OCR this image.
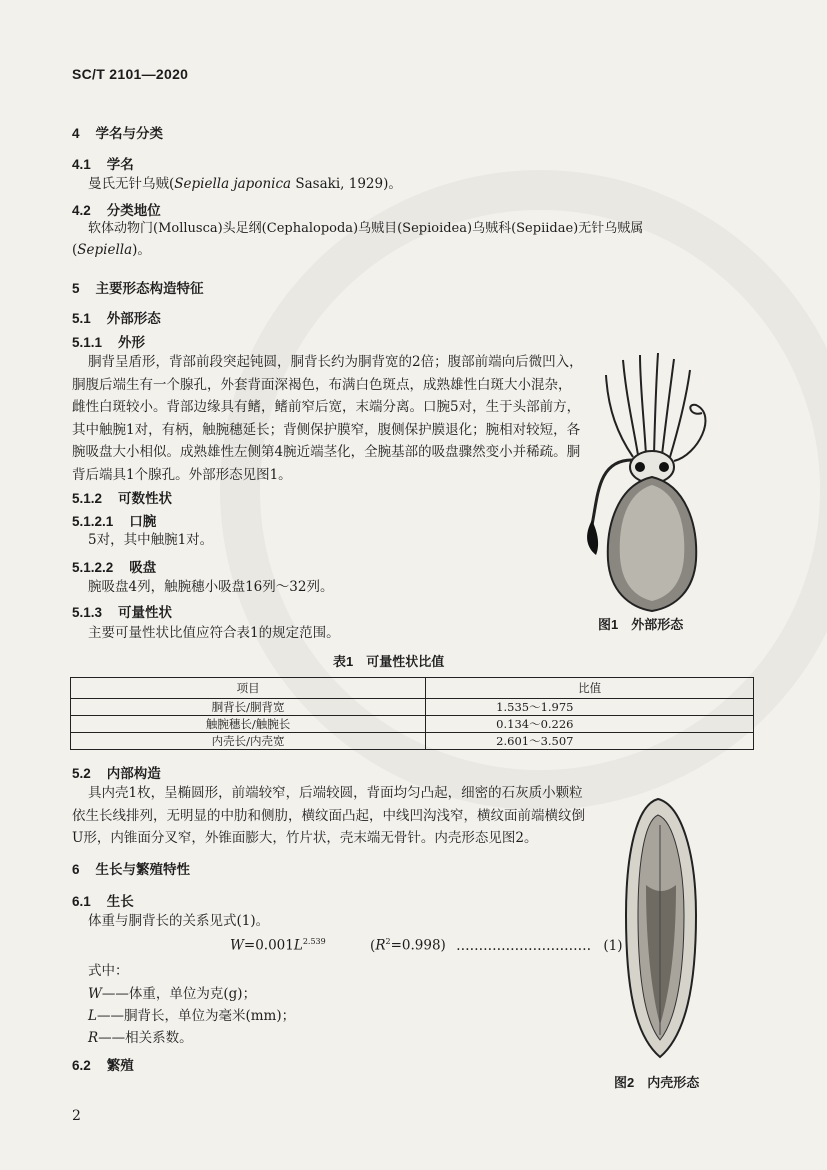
SC/T 2101—2020
4 学名与分类
4.1 学名
曼氏无针乌贼(Sepiella japonica Sasaki, 1929)。
4.2 分类地位
软体动物门(Mollusca)头足纲(Cephalopoda)乌贼目(Sepioidea)乌贼科(Sepiidae)无针乌贼属
(Sepiella)。
5 主要形态构造特征
5.1 外部形态
5.1.1 外形
胴背呈盾形，背部前段突起钝圆，胴背长约为胴背宽的2倍；腹部前端向后微凹入，胴腹后端生有一个腺孔，外套背面深褐色，布满白色斑点，成熟雄性白斑大小混杂，雌性白斑较小。背部边缘具有鳍，鳍前窄后宽，末端分离。口腕5对，生于头部前方，其中触腕1对，有柄，触腕穗延长；背侧保护膜窄，腹侧保护膜退化；腕相对较短，各腕吸盘大小相似。成熟雄性左侧第4腕近端茎化，全腕基部的吸盘骤然变小并稀疏。胴背后端具1个腺孔。外部形态见图1。
5.1.2 可数性状
5.1.2.1 口腕
5对，其中触腕1对。
5.1.2.2 吸盘
腕吸盘4列，触腕穗小吸盘16列～32列。
5.1.3 可量性状
主要可量性状比值应符合表1的规定范围。
图1　外部形态
表1　可量性状比值
项目	比值
胴背长/胴背宽	1.535～1.975
触腕穗长/触腕长	0.134～0.226
内壳长/内壳宽	2.601～3.507
5.2 内部构造
具内壳1枚，呈椭圆形，前端较窄，后端较圆，背面均匀凸起，细密的石灰质小颗粒依生长线排列，无明显的中肋和侧肋，横纹面凸起，中线凹沟浅窄，横纹面前端横纹倒U形，内锥面分叉窄，外锥面膨大，竹片状，壳末端无骨针。内壳形态见图2。
6 生长与繁殖特性
6.1 生长
体重与胴背长的关系见式(1)。
$W=0.001L^{2.539}$	$(R^2=0.998)$ ………………………… (1)
式中：
W——体重，单位为克(g)；
L——胴背长，单位为毫米(mm)；
R——相关系数。
6.2 繁殖
图2　内壳形态
2
